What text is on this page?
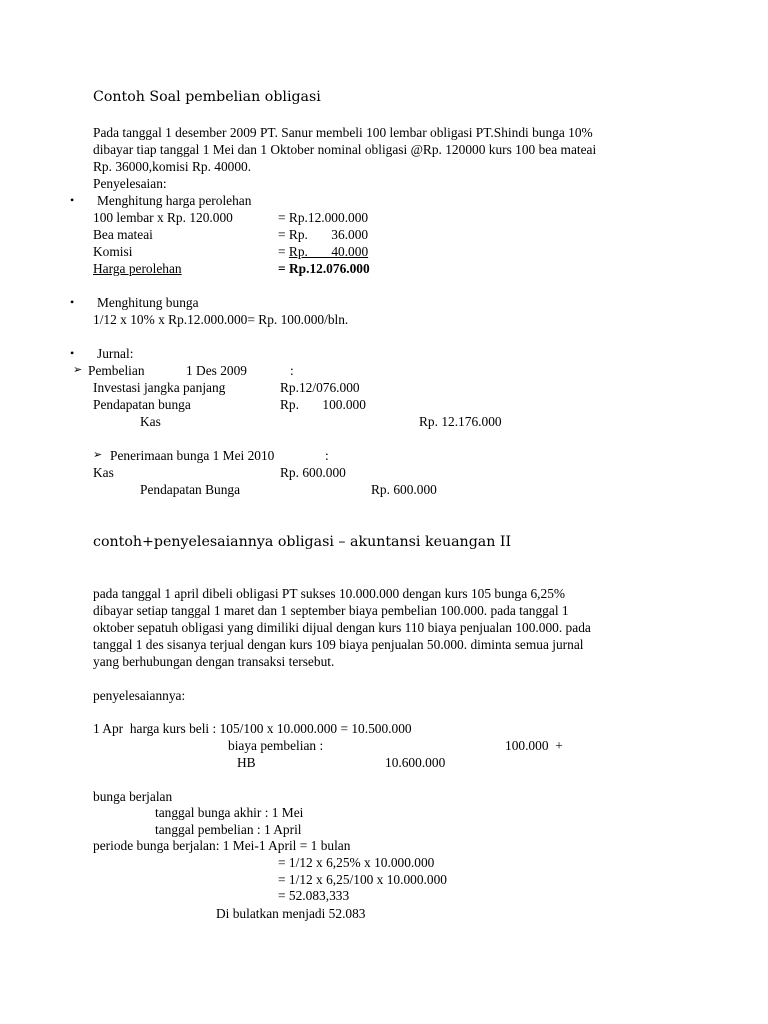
Contoh Soal pembelian obligasi
Pada tanggal 1 desember 2009 PT. Sanur membeli 100 lembar obligasi PT.Shindi bunga 10%
dibayar tiap tanggal 1 Mei dan 1 Oktober nominal obligasi @Rp. 120000 kurs 100 bea mateai
Rp. 36000,komisi Rp. 40000.
Penyelesaian:
• Menghitung harga perolehan
100 lembar x Rp. 120.000	= Rp.12.000.000
Bea mateai	= Rp.       36.000
Komisi	= Rp.       40.000
Harga perolehan	= Rp.12.076.000
• Menghitung bunga
1/12 x 10% x Rp.12.000.000= Rp. 100.000/bln.
• Jurnal:
➢ Pembelian	1 Des 2009	:
Investasi jangka panjang	Rp.12/076.000
Pendapatan bunga	Rp.       100.000
Kas	Rp. 12.176.000
➢ Penerimaan bunga 1 Mei 2010	:
Kas	Rp. 600.000
Pendapatan Bunga	Rp. 600.000
contoh+penyelesaiannya obligasi – akuntansi keuangan II
pada tanggal 1 april dibeli obligasi PT sukses 10.000.000 dengan kurs 105 bunga 6,25%
dibayar setiap tanggal 1 maret dan 1 september biaya pembelian 100.000. pada tanggal 1
oktober sepatuh obligasi yang dimiliki dijual dengan kurs 110 biaya penjualan 100.000. pada
tanggal 1 des sisanya terjual dengan kurs 109 biaya penjualan 50.000. diminta semua jurnal
yang berhubungan dengan transaksi tersebut.
penyelesaiannya:
1 Apr  harga kurs beli : 105/100 x 10.000.000 = 10.500.000
biaya pembelian :	100.000  +
HB	10.600.000
bunga berjalan
tanggal bunga akhir : 1 Mei
tanggal pembelian : 1 April
periode bunga berjalan: 1 Mei-1 April = 1 bulan
= 1/12 x 6,25% x 10.000.000
= 1/12 x 6,25/100 x 10.000.000
= 52.083,333
Di bulatkan menjadi 52.083
